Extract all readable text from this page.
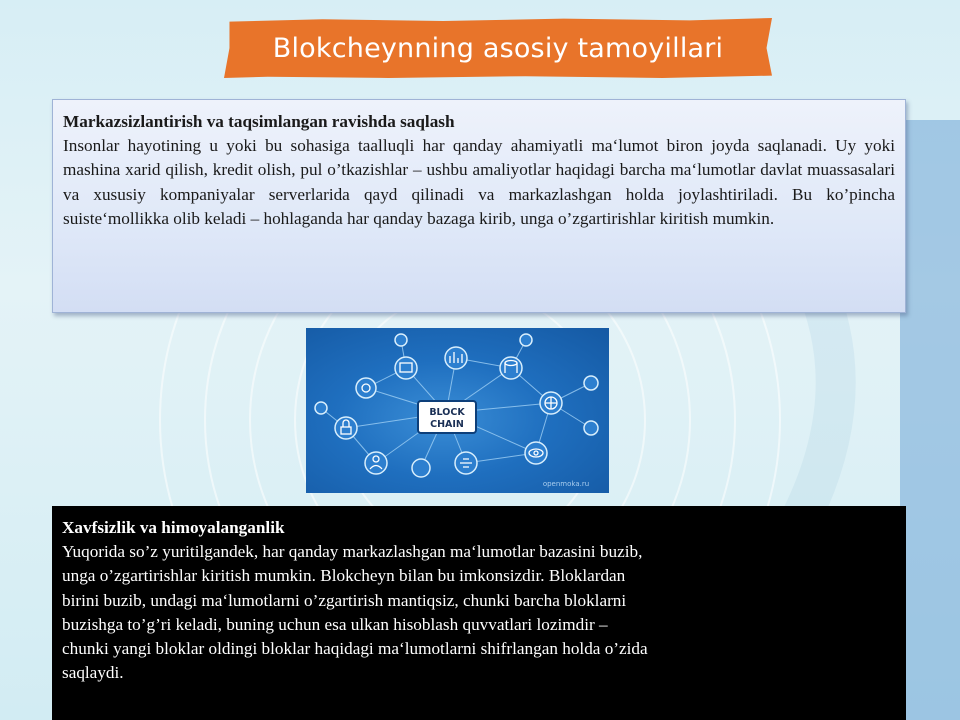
Blokcheynning asosiy tamoyillari
Markazsizlantirish va taqsimlangan ravishda saqlash
Insonlar hayotining u yoki bu sohasiga taalluqli har qanday ahamiyatli ma‘lumot biron joyda saqlanadi. Uy yoki mashina xarid qilish, kredit olish, pul o’tkazishlar – ushbu amaliyotlar haqidagi barcha ma‘lumotlar davlat muassasalari va xususiy kompaniyalar serverlarida qayd qilinadi va markazlashgan holda joylashtiriladi. Bu ko’pincha suiste‘mollikka olib keladi – hohlaganda har qanday bazaga kirib, unga o’zgartirishlar kiritish mumkin.
BLOCK
CHAIN
openmoka.ru
Xavfsizlik va himoyalanganlik
Yuqorida so’z yuritilgandek, har qanday markazlashgan ma‘lumotlar bazasini buzib,
unga o’zgartirishlar kiritish mumkin. Blokcheyn bilan bu imkonsizdir. Bloklardan
birini buzib, undagi ma‘lumotlarni o’zgartirish mantiqsiz, chunki barcha bloklarni
buzishga to’g’ri keladi, buning uchun esa ulkan hisoblash quvvatlari lozimdir –
chunki yangi bloklar oldingi bloklar haqidagi ma‘lumotlarni shifrlangan holda o’zida
saqlaydi.
